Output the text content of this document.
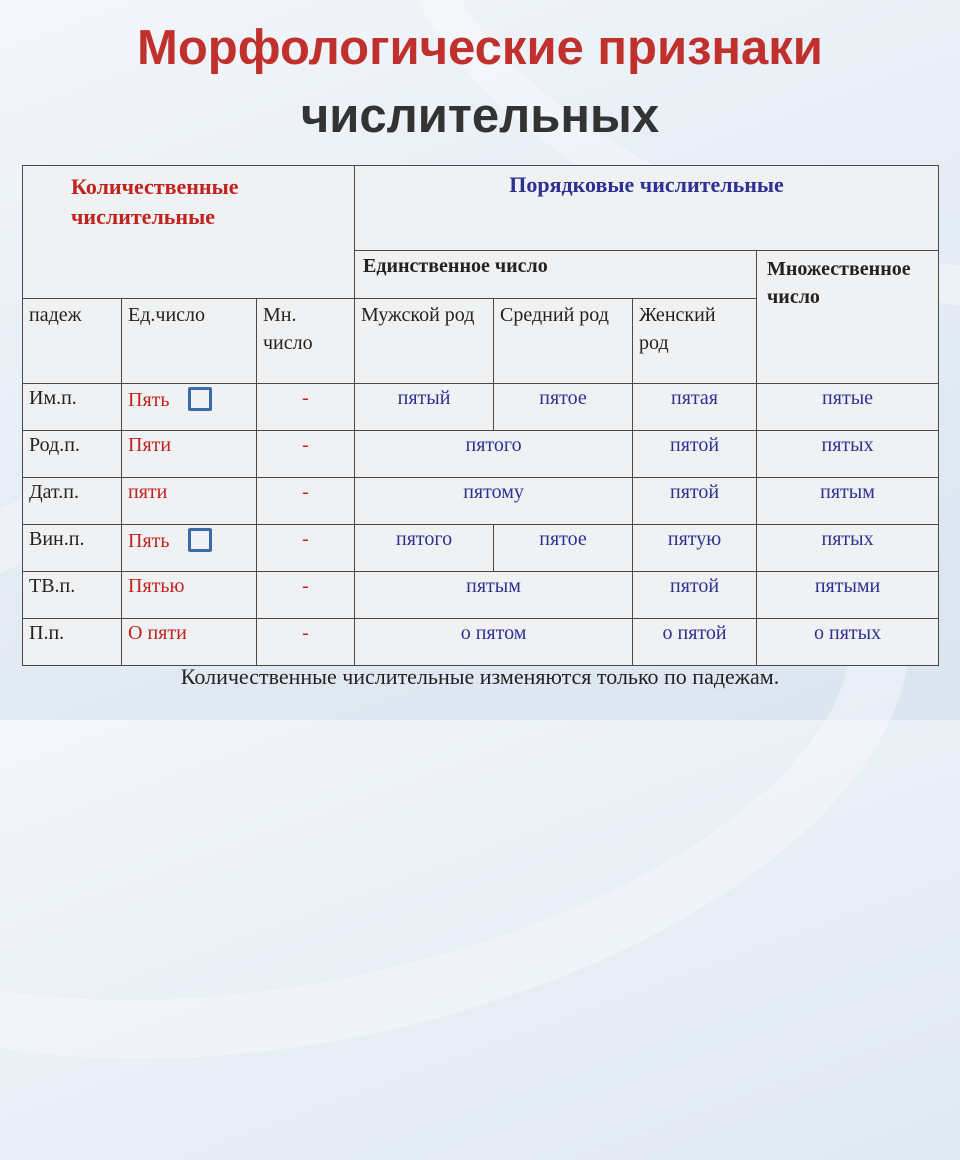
Морфологические признаки
числительных
Количественные числительные			Порядковые числительные			
			Единственное число			Множественное число
падеж	Ед.число	Мн. число	Мужской род	Средний род	Женский род	
Им.п.	Пять	-	пятый	пятое	пятая	пятые
Род.п.	Пяти	-	пятого		пятой	пятых
Дат.п.	пяти	-	пятому		пятой	пятым
Вин.п.	Пять	-	пятого	пятое	пятую	пятых
ТВ.п.	Пятью	-	пятым		пятой	пятыми
П.п.	О пяти	-	о пятом		о пятой	о пятых
Количественные числительные изменяются только по падежам.
